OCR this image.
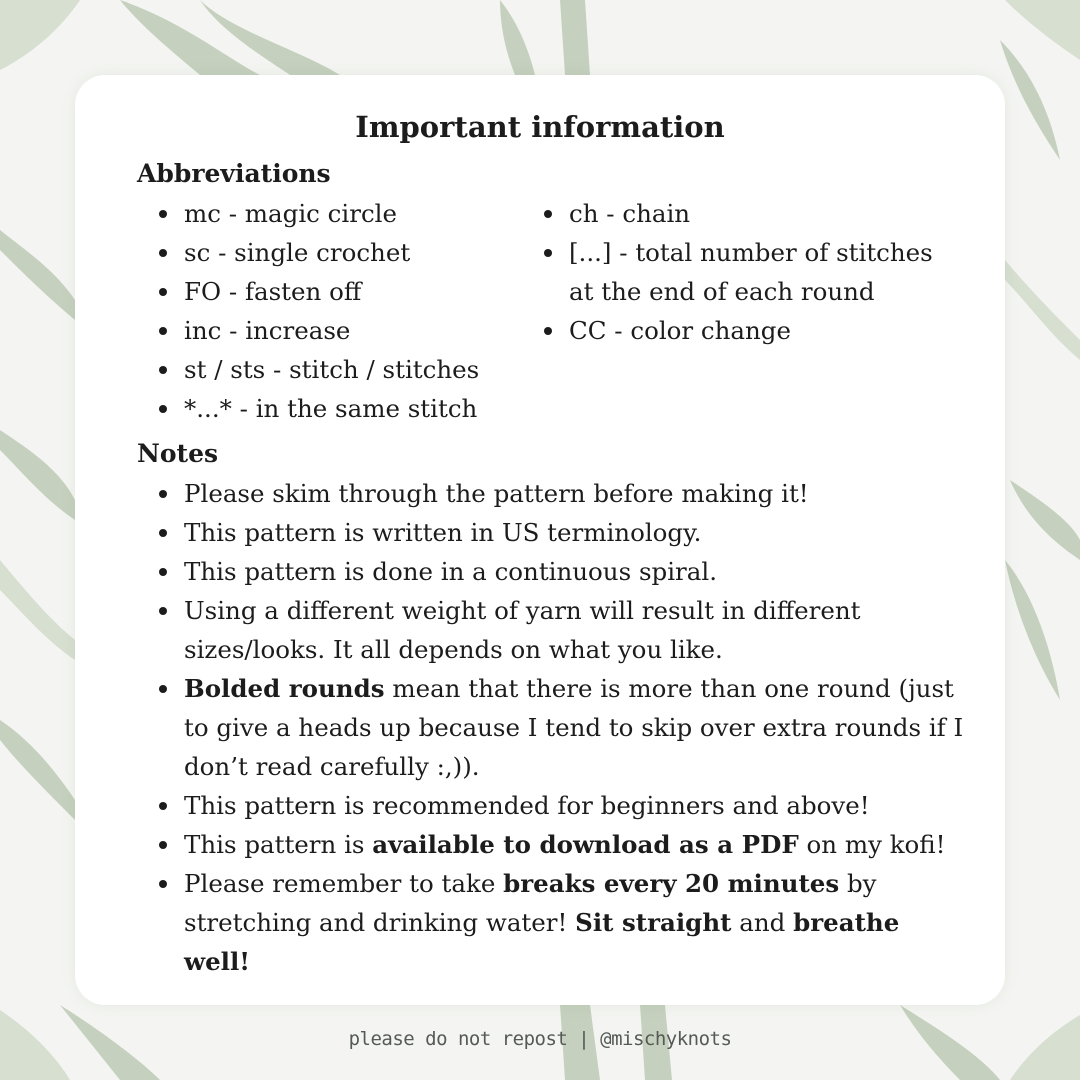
Important information
Abbreviations
mc - magic circle
sc - single crochet
FO - fasten off
inc - increase
st / sts - stitch / stitches
*...* - in the same stitch
ch - chain
[...] - total number of stitches at the end of each round
CC - color change
Notes
Please skim through the pattern before making it!
This pattern is written in US terminology.
This pattern is done in a continuous spiral.
Using a different weight of yarn will result in different sizes/looks. It all depends on what you like.
Bolded rounds mean that there is more than one round (just to give a heads up because I tend to skip over extra rounds if I don’t read carefully :,)).
This pattern is recommended for beginners and above!
This pattern is available to download as a PDF on my kofi!
Please remember to take breaks every 20 minutes by stretching and drinking water! Sit straight and breathe well!
please do not repost | @mischyknots
